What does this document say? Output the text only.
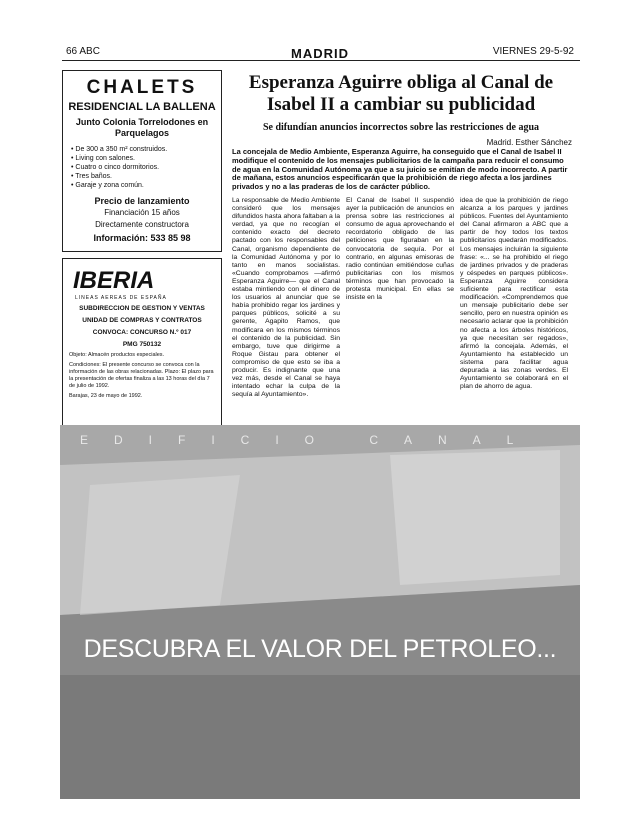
66 ABC	MADRID	VIERNES 29-5-92
CHALETS
RESIDENCIAL LA BALLENA
Junto Colonia Torrelodones en Parquelagos
• De 300 a 350 m² construidos.
• Living con salones.
• Cuatro o cinco dormitorios.
• Tres baños.
• Garaje y zona común.
Precio de lanzamiento
Financiación 15 años
Directamente constructora
Información: 533 85 98
IBERIA
LINEAS AEREAS DE ESPAÑA
SUBDIRECCION DE GESTION Y VENTAS
UNIDAD DE COMPRAS Y CONTRATOS
CONVOCA: CONCURSO N.º 017
PMG 750132
Objeto: Almacén productos especiales.
Condiciones: El presente concurso se convoca con la información de las obras relacionadas. Plazo: El plazo para la presentación de ofertas finaliza a las 13 horas del día 7 de julio de 1992.
Barajas, 23 de mayo de 1992.
Esperanza Aguirre obliga al Canal de Isabel II a cambiar su publicidad
Se difundían anuncios incorrectos sobre las restricciones de agua
Madrid. Esther Sánchez
La concejala de Medio Ambiente, Esperanza Aguirre, ha conseguido que el Canal de Isabel II modifique el contenido de los mensajes publicitarios de la campaña para reducir el consumo de agua en la Comunidad Autónoma ya que a su juicio se emitían de modo incorrecto. A partir de mañana, estos anuncios especificarán que la prohibición de riego afecta a los jardines privados y no a las praderas de los de carácter público.
La responsable de Medio Ambiente consideró que los mensajes difundidos hasta ahora faltaban a la verdad, ya que no recogían el contenido exacto del decreto pactado con los responsables del Canal, organismo dependiente de la Comunidad Autónoma y por lo tanto en manos socialistas. «Cuando comprobamos —afirmó Esperanza Aguirre— que el Canal estaba mintiendo con el dinero de los usuarios al anunciar que se había prohibido regar los jardines y parques públicos, solicité a su gerente, Agapito Ramos, que modificara en los mismos términos el contenido de la publicidad. Sin embargo, tuve que dirigirme a Roque Gistau para obtener el compromiso de que esto se iba a producir. Es indignante que una vez más, desde el Canal se haya intentado echar la culpa de la sequía al Ayuntamiento».
El Canal de Isabel II suspendió ayer la publicación de anuncios en prensa sobre las restricciones al consumo de agua aprovechando el recordatorio obligado de las peticiones que figuraban en la convocatoria de sequía. Por el contrario, en algunas emisoras de radio continúan emitiéndose cuñas publicitarias con los mismos términos que han provocado la protesta municipal. En ellas se insiste en la
idea de que la prohibición de riego alcanza a los parques y jardines públicos. Fuentes del Ayuntamiento del Canal afirmaron a ABC que a partir de hoy todos los textos publicitarios quedarán modificados. Los mensajes incluirán la siguiente frase: «... se ha prohibido el riego de jardines privados y de praderas y céspedes en parques públicos». Esperanza Aguirre considera suficiente para rectificar esta modificación. «Comprendemos que un mensaje publicitario debe ser sencillo, pero en nuestra opinión es necesario aclarar que la prohibición no afecta a los árboles históricos, ya que necesitan ser regados», afirmó la concejala. Además, el Ayuntamiento ha establecido un sistema para facilitar agua depurada a las zonas verdes. El Ayuntamiento se colaborará en el plan de ahorro de agua.
EDIFICIO CANAL
DESCUBRA EL VALOR DEL PETROLEO...
